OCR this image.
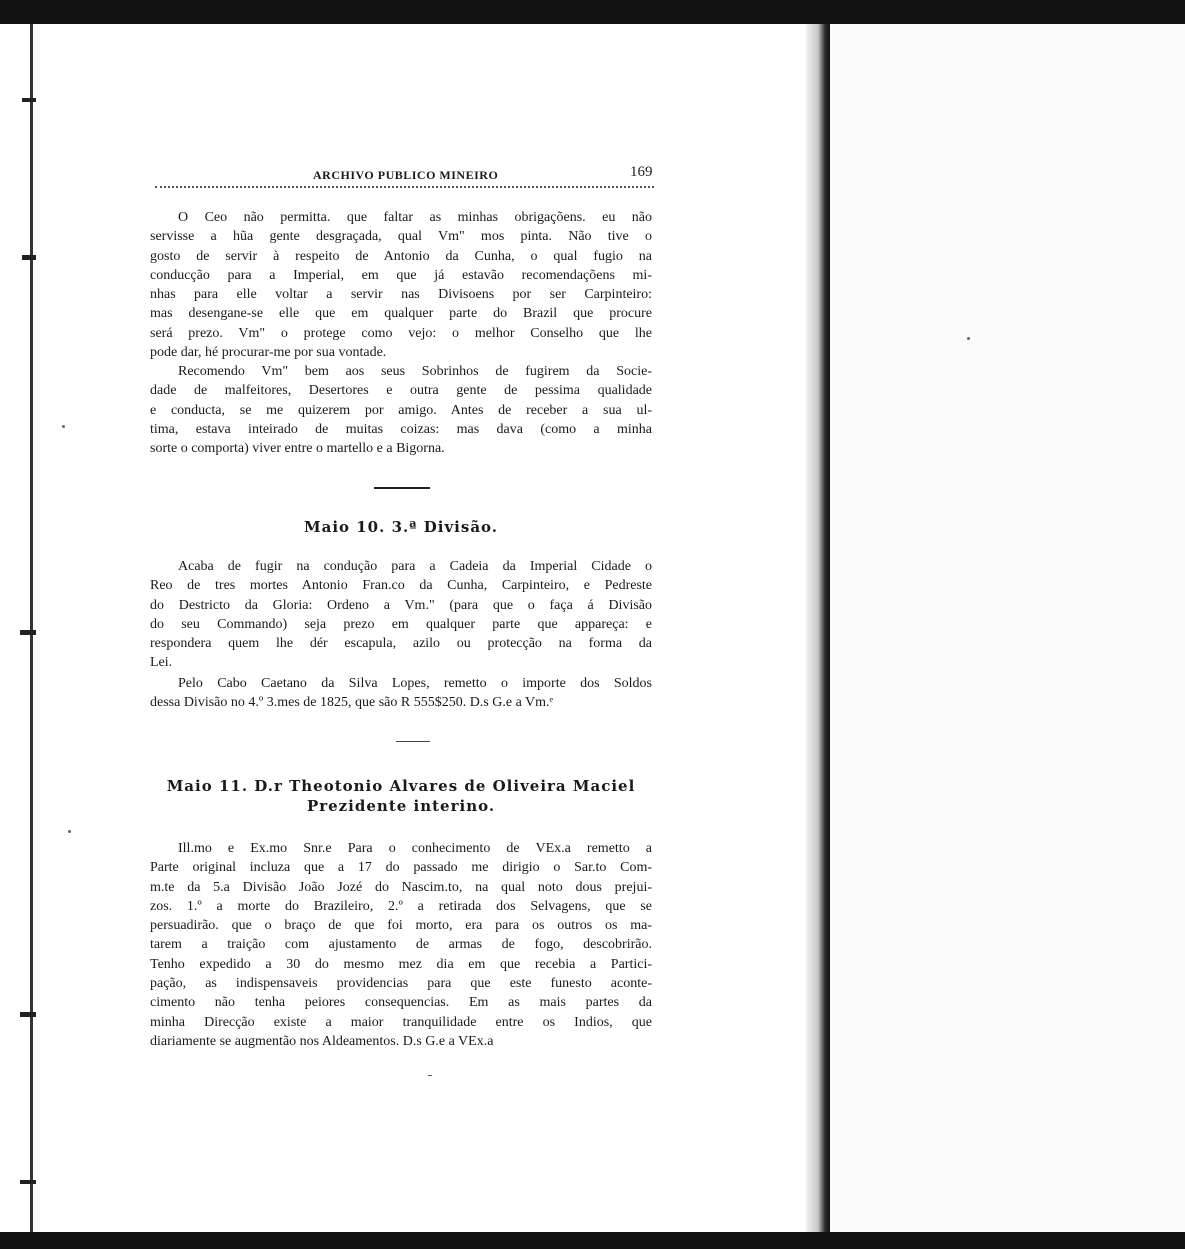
ARCHIVO PUBLICO MINEIRO	169

O Ceo não permitta. que faltar as minhas obrigaçõens. eu não
servisse a hũa gente desgraçada, qual Vm" mos pinta. Não tive o
gosto de servir à respeito de Antonio da Cunha, o qual fugio na
conducção para a Imperial, em que já estavão recomendaçõens mi-
nhas para elle voltar a servir nas Divisoens por ser Carpinteiro:
mas desengane-se elle que em qualquer parte do Brazil que procure
será prezo. Vm" o protege como vejo: o melhor Conselho que lhe
pode dar, hé procurar-me por sua vontade.

Recomendo Vm" bem aos seus Sobrinhos de fugirem da Socie-
dade de malfeitores, Desertores e outra gente de pessima qualidade
e conducta, se me quizerem por amigo. Antes de receber a sua ul-
tima, estava inteirado de muitas coizas: mas dava (como a minha
sorte o comporta) viver entre o martello e a Bigorna.

Maio 10. 3.ª Divisão.

Acaba de fugir na condução para a Cadeia da Imperial Cidade o
Reo de tres mortes Antonio Fran.co da Cunha, Carpinteiro, e Pedreste
do Destricto da Gloria: Ordeno a Vm." (para que o faça á Divisão
do seu Commando) seja prezo em qualquer parte que appareça: e
respondera quem lhe dér escapula, azilo ou protecção na forma da
Lei.

Pelo Cabo Caetano da Silva Lopes, remetto o importe dos Soldos
dessa Divisão no 4.º 3.mes de 1825, que são R 555$250. D.s G.e a Vm.ᵉ

Maio 11. D.r Theotonio Alvares de Oliveira Maciel
Prezidente interino.

Ill.mo e Ex.mo Snr.e Para o conhecimento de VEx.a remetto a
Parte original incluza que a 17 do passado me dirigio o Sar.to Com-
m.te da 5.a Divisão João Jozé do Nascim.to, na qual noto dous prejui-
zos. 1.º a morte do Brazileiro, 2.º a retirada dos Selvagens, que se
persuadirão. que o braço de que foi morto, era para os outros os ma-
tarem a traição com ajustamento de armas de fogo, descobrirão.
Tenho expedido a 30 do mesmo mez dia em que recebia a Partici-
pação, as indispensaveis providencias para que este funesto aconte-
cimento não tenha peiores consequencias. Em as mais partes da
minha Direcção existe a maior tranquilidade entre os Indios, que
diariamente se augmentão nos Aldeamentos. D.s G.e a VEx.a
